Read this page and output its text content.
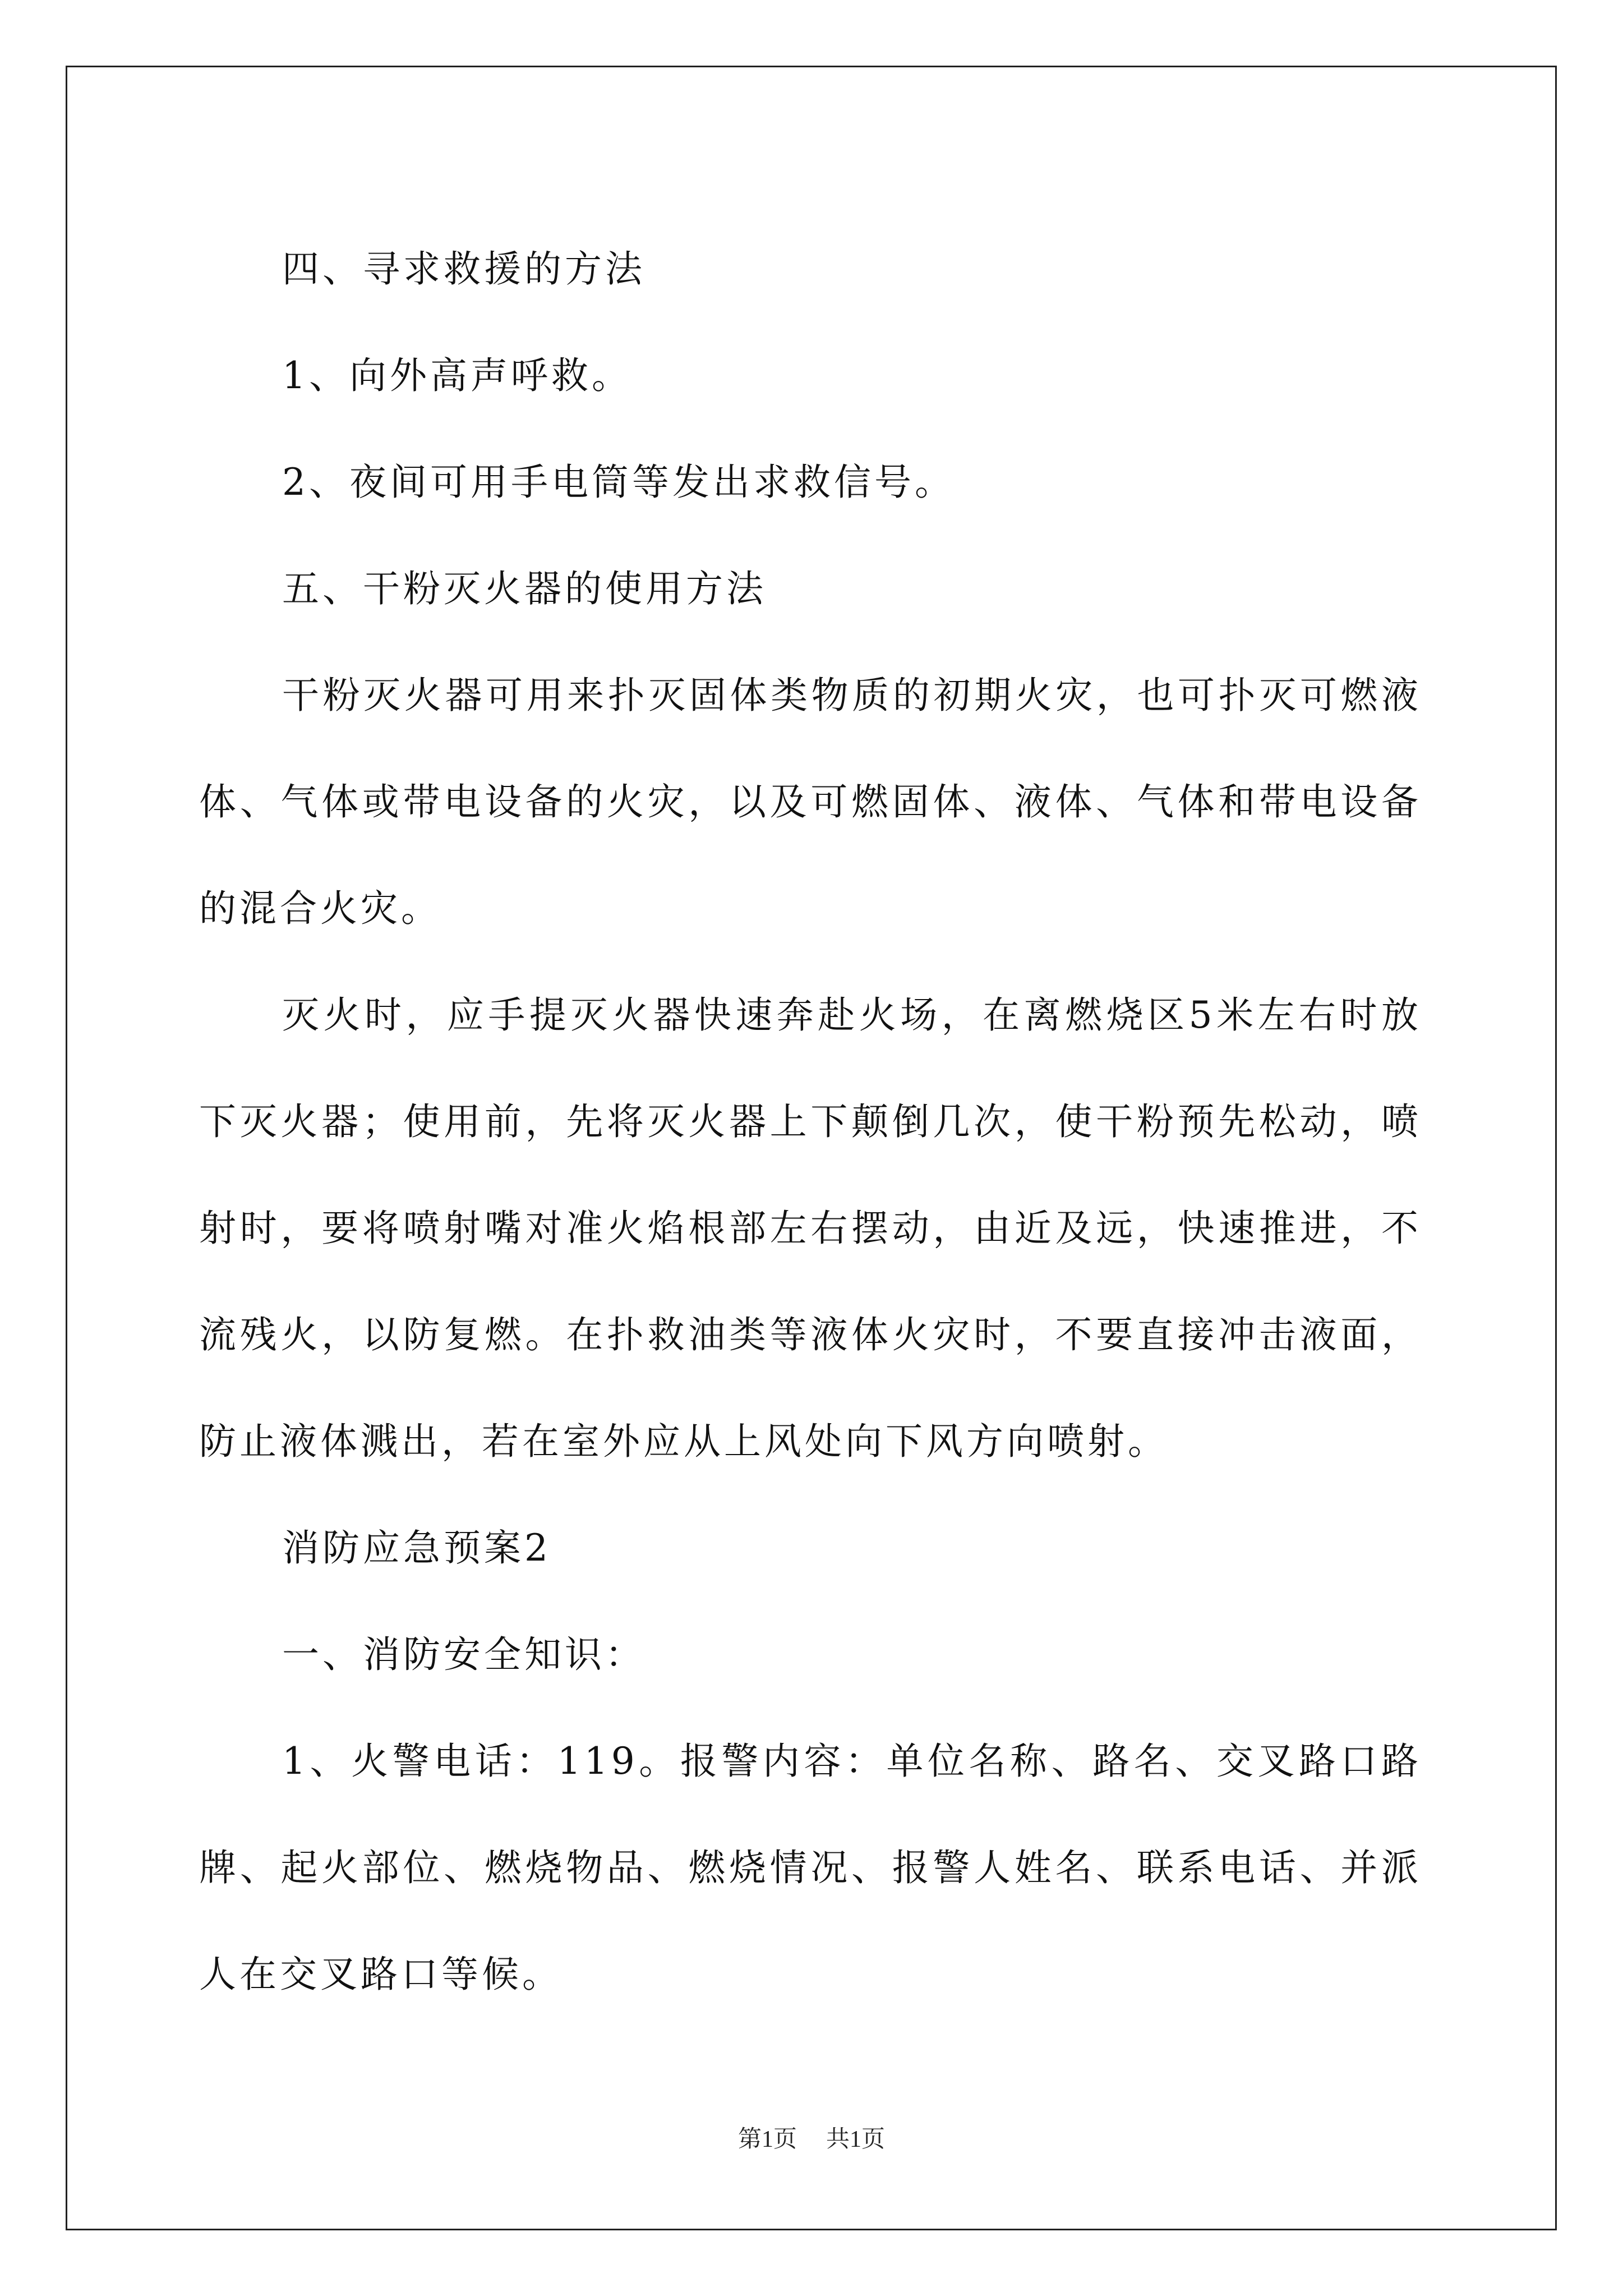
四、寻求救援的方法

1、向外高声呼救。

2、夜间可用手电筒等发出求救信号。

五、干粉灭火器的使用方法

干粉灭火器可用来扑灭固体类物质的初期火灾，也可扑灭可燃液体、气体或带电设备的火灾，以及可燃固体、液体、气体和带电设备的混合火灾。

灭火时，应手提灭火器快速奔赴火场，在离燃烧区5米左右时放下灭火器；使用前，先将灭火器上下颠倒几次，使干粉预先松动，喷射时，要将喷射嘴对准火焰根部左右摆动，由近及远，快速推进，不流残火，以防复燃。在扑救油类等液体火灾时，不要直接冲击液面，防止液体溅出，若在室外应从上风处向下风方向喷射。

消防应急预案2

一、消防安全知识：

1、火警电话：119。报警内容：单位名称、路名、交叉路口路牌、起火部位、燃烧物品、燃烧情况、报警人姓名、联系电话、并派人在交叉路口等候。

第1页 共1页
